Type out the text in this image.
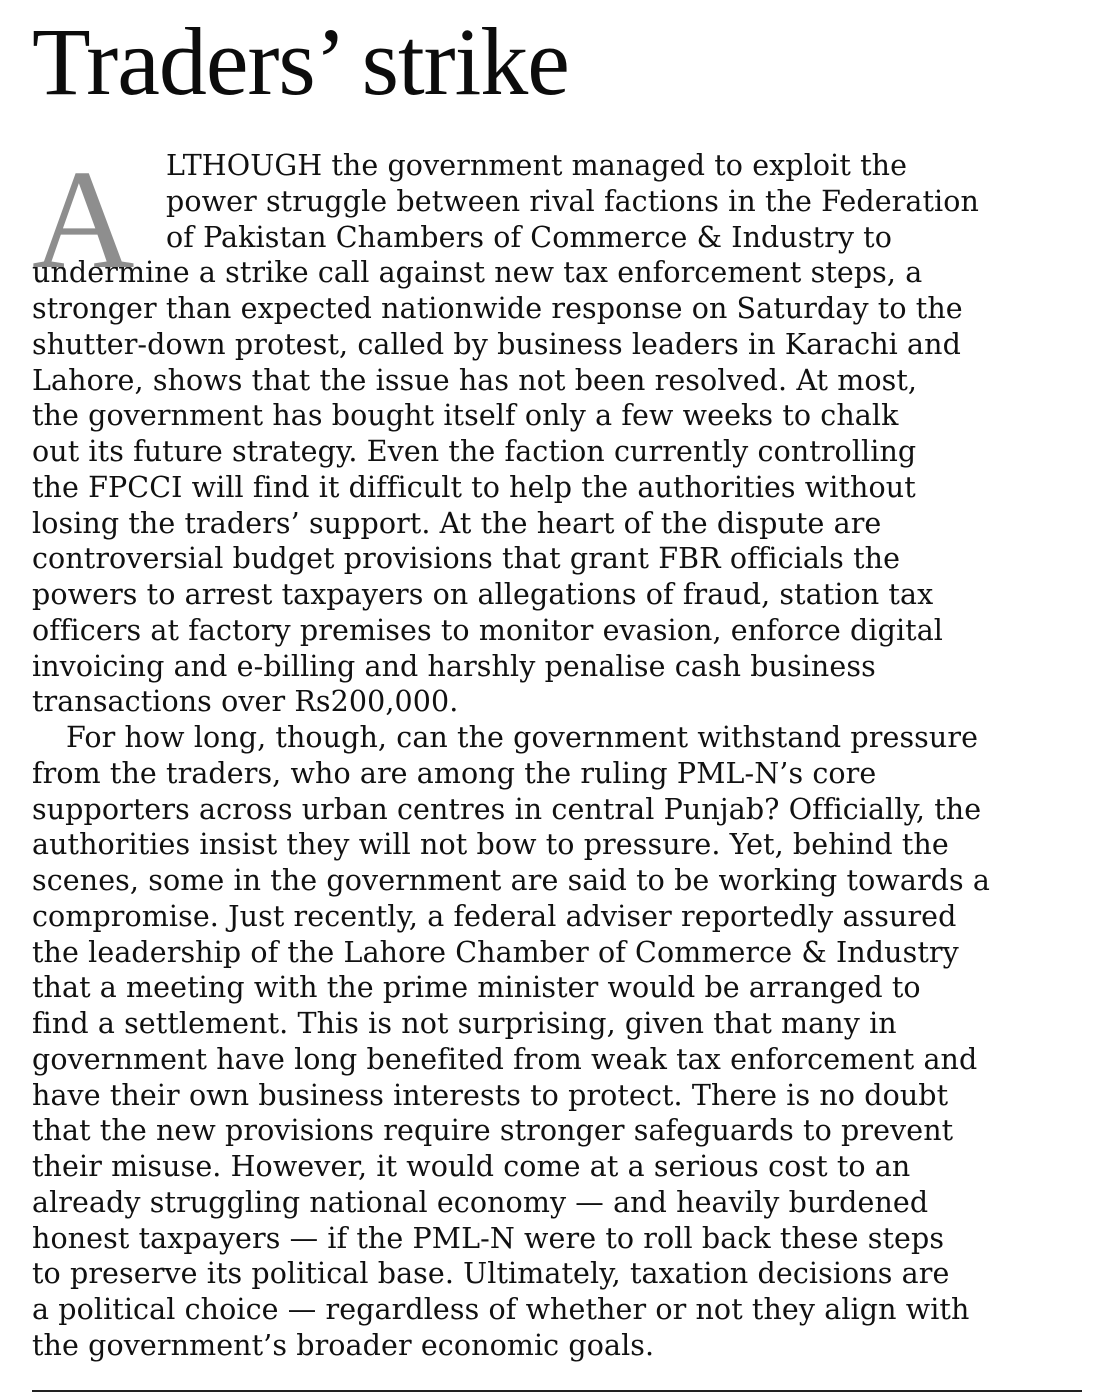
Traders’ strike
A	LTHOUGH the government managed to exploit the
power struggle between rival factions in the Federation
of Pakistan Chambers of Commerce & Industry to
undermine a strike call against new tax enforcement steps, a
stronger than expected nationwide response on Saturday to the
shutter-down protest, called by business leaders in Karachi and
Lahore, shows that the issue has not been resolved. At most,
the government has bought itself only a few weeks to chalk
out its future strategy. Even the faction currently controlling
the FPCCI will find it difficult to help the authorities without
losing the traders’ support. At the heart of the dispute are
controversial budget provisions that grant FBR officials the
powers to arrest taxpayers on allegations of fraud, station tax
officers at factory premises to monitor evasion, enforce digital
invoicing and e-billing and harshly penalise cash business
transactions over Rs200,000.
For how long, though, can the government withstand pressure
from the traders, who are among the ruling PML-N’s core
supporters across urban centres in central Punjab? Officially, the
authorities insist they will not bow to pressure. Yet, behind the
scenes, some in the government are said to be working towards a
compromise. Just recently, a federal adviser reportedly assured
the leadership of the Lahore Chamber of Commerce & Industry
that a meeting with the prime minister would be arranged to
find a settlement. This is not surprising, given that many in
government have long benefited from weak tax enforcement and
have their own business interests to protect. There is no doubt
that the new provisions require stronger safeguards to prevent
their misuse. However, it would come at a serious cost to an
already struggling national economy — and heavily burdened
honest taxpayers — if the PML-N were to roll back these steps
to preserve its political base. Ultimately, taxation decisions are
a political choice — regardless of whether or not they align with
the government’s broader economic goals.
